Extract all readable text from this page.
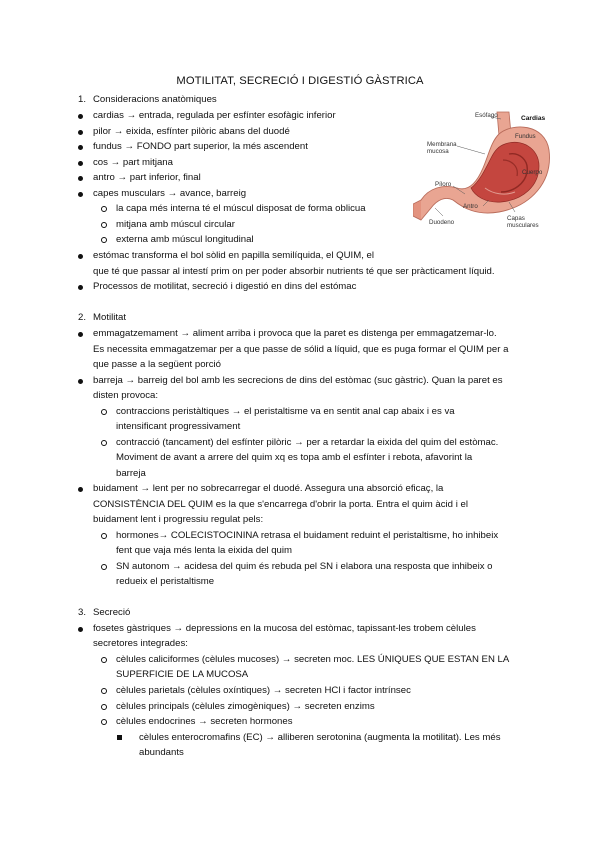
MOTILITAT, SECRECIÓ I DIGESTIÓ GÀSTRICA
1. Consideracions anatòmiques
cardias → entrada, regulada per esfínter esofàgic inferior
pilor → eixida, esfínter pilòric abans del duodé
fundus → FONDO part superior, la més ascendent
cos → part mitjana
antro → part inferior, final
capes musculars → avance, barreig
la capa més interna té el múscul disposat de forma oblicua
mitjana amb múscul circular
externa amb múscul longitudinal
estómac transforma el bol sòlid en papilla semilíquida, el QUIM, el
que té que passar al intestí prim on per poder absorbir nutrients té que ser pràcticament líquid.
Processos de motilitat, secreció i digestió en dins del estómac
Esófago	Cardias
Fundus
Membrana
mucosa
Cuerpo
Píloro
Antro
Duodeno
Capas
musculares
2. Motilitat
emmagatzemament → aliment arriba i provoca que la paret es distenga per emmagatzemar-lo.
Es necessita emmagatzemar per a que passe de sólid a líquid, que es puga formar el QUIM per a
que passe a la següent porció
barreja → barreig del bol amb les secrecions de dins del estòmac (suc gàstric). Quan la paret es
disten provoca:
contraccions peristàltiques → el peristaltisme va en sentit anal cap abaix i es va
intensificant progressivament
contracció (tancament) del esfínter pilòric → per a retardar la eixida del quim del estòmac.
Moviment de avant a arrere del quim xq es topa amb el esfínter i rebota, afavorint la
barreja
buidament → lent per no sobrecarregar el duodé. Assegura una absorció eficaç, la
CONSISTÈNCIA DEL QUIM es la que s'encarrega d'obrir la porta. Entra el quim àcid i el
buidament lent i progressiu regulat pels:
hormones→ COLECISTOCININA retrasa el buidament reduint el peristaltisme, ho inhibeix
fent que vaja més lenta la eixida del quim
SN autonom → acidesa del quim és rebuda pel SN i elabora una resposta que inhibeix o
redueix el peristaltisme
3. Secreció
fosetes gàstriques → depressions en la mucosa del estòmac, tapissant-les trobem cèlules
secretores integrades:
cèlules caliciformes (cèlules mucoses) → secreten moc. LES ÚNIQUES QUE ESTAN EN LA
SUPERFICIE DE LA MUCOSA
cèlules parietals (cèlules oxíntiques) → secreten HCl i factor intrínsec
cèlules principals (cèlules zimogèniques) → secreten enzims
cèlules endocrines → secreten hormones
cèlules enterocromafins (EC) → alliberen serotonina (augmenta la motilitat). Les més
abundants
